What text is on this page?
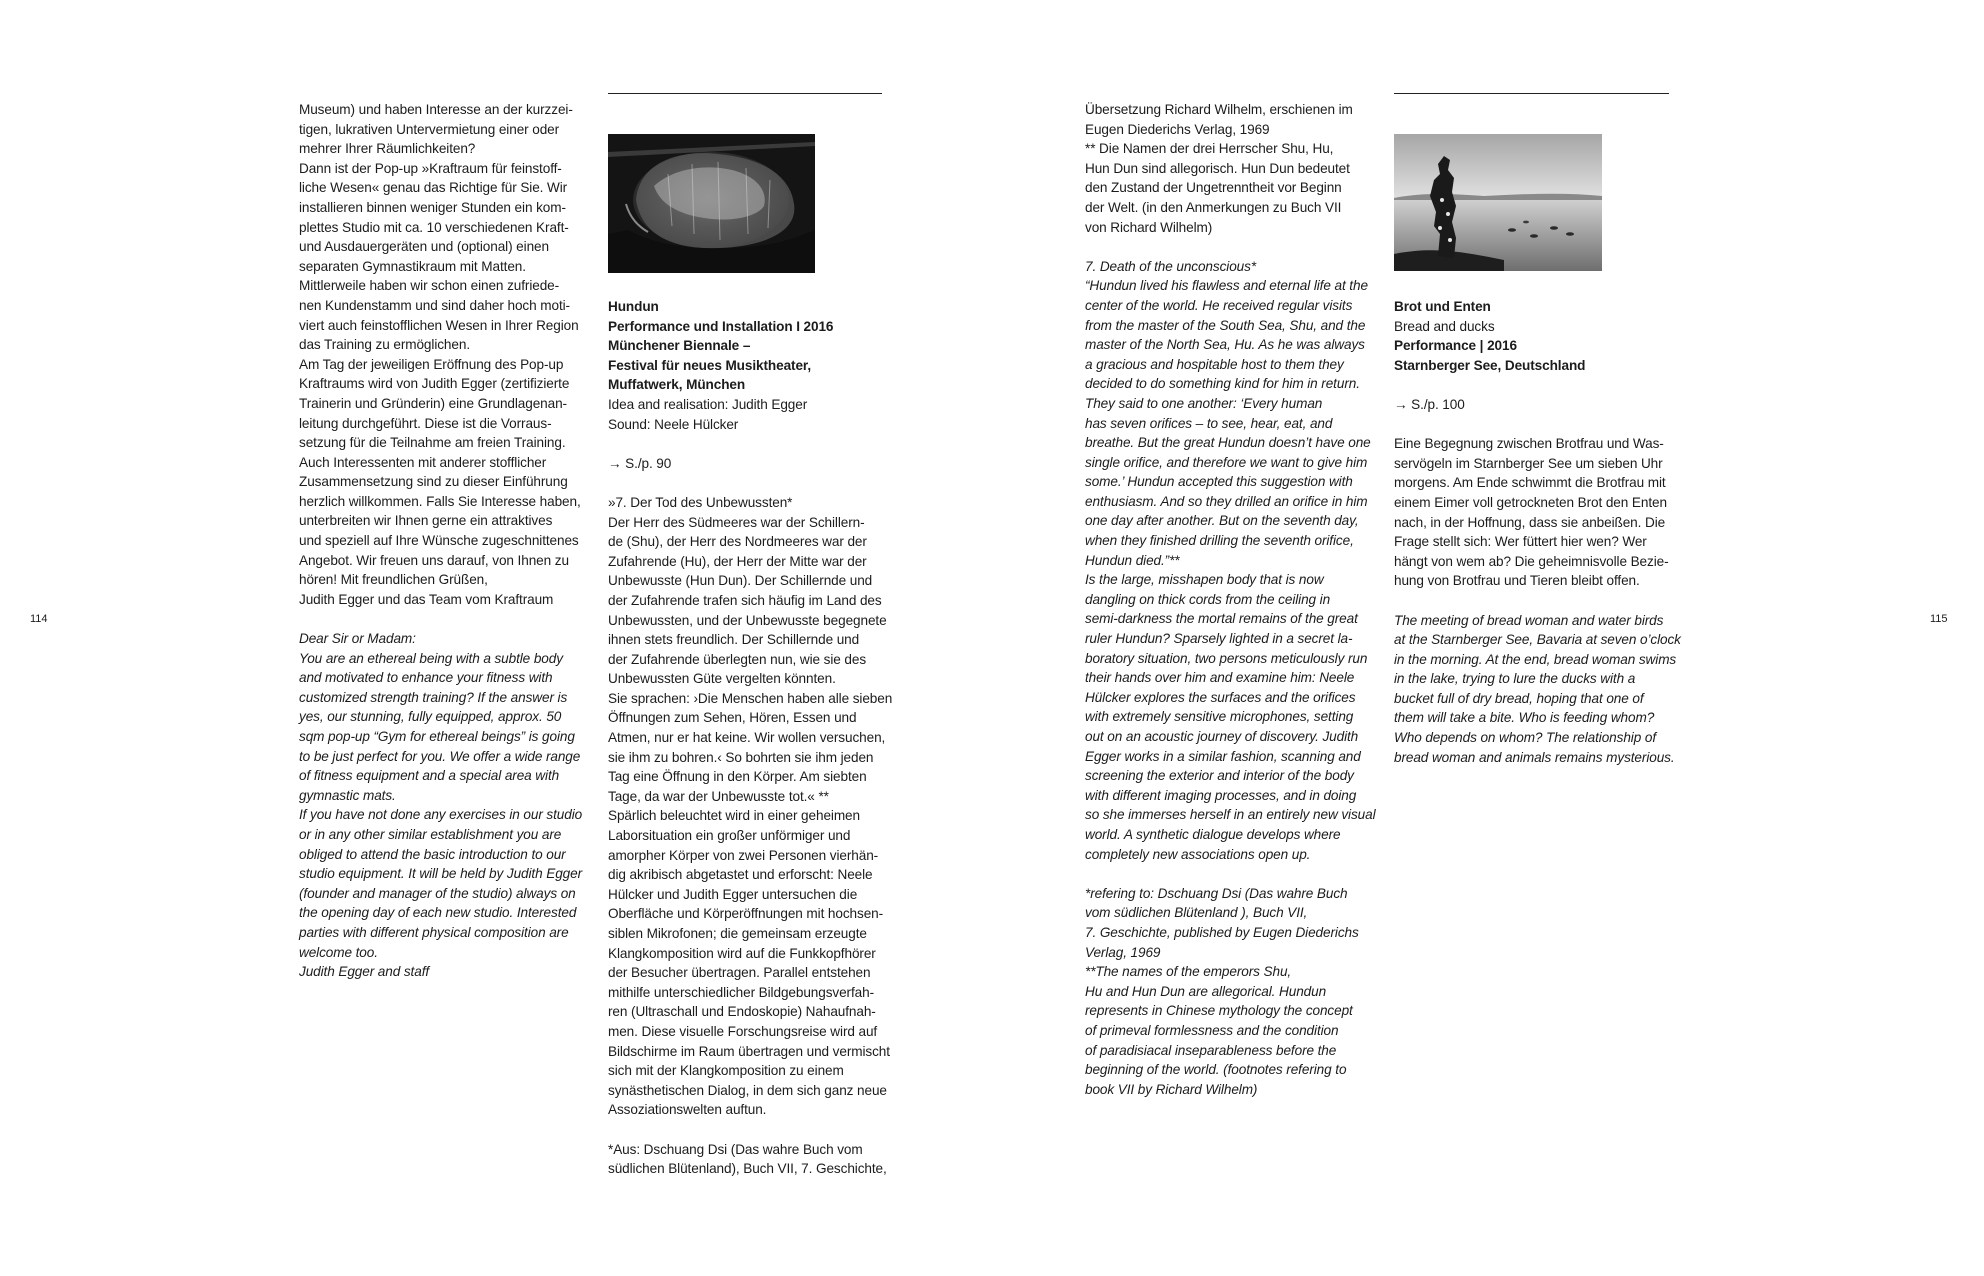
114	115
Museum) und haben Interesse an der kurzzei-
tigen, lukrativen Untervermietung einer oder
mehrer Ihrer Räumlichkeiten?
Dann ist der Pop-up »Kraftraum für feinstoff-
liche Wesen« genau das Richtige für Sie. Wir
installieren binnen weniger Stunden ein kom-
plettes Studio mit ca. 10 verschiedenen Kraft-
und Ausdauergeräten und (optional) einen
separaten Gymnastikraum mit Matten.
Mittlerweile haben wir schon einen zufriede-
nen Kundenstamm und sind daher hoch moti-
viert auch feinstofflichen Wesen in Ihrer Region
das Training zu ermöglichen.
Am Tag der jeweiligen Eröffnung des Pop-up
Kraftraums wird von Judith Egger (zertifizierte
Trainerin und Gründerin) eine Grundlagenan-
leitung durchgeführt. Diese ist die Vorraus-
setzung für die Teilnahme am freien Training.
Auch Interessenten mit anderer stofflicher
Zusammensetzung sind zu dieser Einführung
herzlich willkommen. Falls Sie Interesse haben,
unterbreiten wir Ihnen gerne ein attraktives
und speziell auf Ihre Wünsche zugeschnittenes
Angebot. Wir freuen uns darauf, von Ihnen zu
hören! Mit freundlichen Grüßen,
Judith Egger und das Team vom Kraftraum
Dear Sir or Madam:
You are an ethereal being with a subtle body
and motivated to enhance your fitness with
customized strength training? If the answer is
yes, our stunning, fully equipped, approx. 50
sqm pop-up “Gym for ethereal beings” is going
to be just perfect for you. We offer a wide range
of fitness equipment and a special area with
gymnastic mats.
If you have not done any exercises in our studio
or in any other similar establishment you are
obliged to attend the basic introduction to our
studio equipment. It will be held by Judith Egger
(founder and manager of the studio) always on
the opening day of each new studio. Interested
parties with different physical composition are
welcome too.
Judith Egger and staff
Hundun
Performance und Installation I 2016
Münchener Biennale –
Festival für neues Musiktheater,
Muffatwerk, München
Idea and realisation: Judith Egger
Sound: Neele Hülcker

→ S./p. 90

»7. Der Tod des Unbewussten*
Der Herr des Südmeeres war der Schillern-
de (Shu), der Herr des Nordmeeres war der
Zufahrende (Hu), der Herr der Mitte war der
Unbewusste (Hun Dun). Der Schillernde und
der Zufahrende trafen sich häufig im Land des
Unbewussten, und der Unbewusste begegnete
ihnen stets freundlich. Der Schillernde und
der Zufahrende überlegten nun, wie sie des
Unbewussten Güte vergelten könnten.
Sie sprachen: ›Die Menschen haben alle sieben
Öffnungen zum Sehen, Hören, Essen und
Atmen, nur er hat keine. Wir wollen versuchen,
sie ihm zu bohren.‹ So bohrten sie ihm jeden
Tag eine Öffnung in den Körper. Am siebten
Tage, da war der Unbewusste tot.« **
Spärlich beleuchtet wird in einer geheimen
Laborsituation ein großer unförmiger und
amorpher Körper von zwei Personen vierhän-
dig akribisch abgetastet und erforscht: Neele
Hülcker und Judith Egger untersuchen die
Oberfläche und Körperöffnungen mit hochsen-
siblen Mikrofonen; die gemeinsam erzeugte
Klangkomposition wird auf die Funkkopfhörer
der Besucher übertragen. Parallel entstehen
mithilfe unterschiedlicher Bildgebungsverfah-
ren (Ultraschall und Endoskopie) Nahaufnah-
men. Diese visuelle Forschungsreise wird auf
Bildschirme im Raum übertragen und vermischt
sich mit der Klangkomposition zu einem
synästhetischen Dialog, in dem sich ganz neue
Assoziationswelten auftun.
*Aus: Dschuang Dsi (Das wahre Buch vom
südlichen Blütenland), Buch VII, 7. Geschichte,
Übersetzung Richard Wilhelm, erschienen im
Eugen Diederichs Verlag, 1969
** Die Namen der drei Herrscher Shu, Hu,
Hun Dun sind allegorisch. Hun Dun bedeutet
den Zustand der Ungetrenntheit vor Beginn
der Welt. (in den Anmerkungen zu Buch VII
von Richard Wilhelm)
7. Death of the unconscious*
“Hundun lived his flawless and eternal life at the
center of the world. He received regular visits
from the master of the South Sea, Shu, and the
master of the North Sea, Hu. As he was always
a gracious and hospitable host to them they
decided to do something kind for him in return.
They said to one another: ‘Every human
has seven orifices – to see, hear, eat, and
breathe. But the great Hundun doesn’t have one
single orifice, and therefore we want to give him
some.’ Hundun accepted this suggestion with
enthusiasm. And so they drilled an orifice in him
one day after another. But on the seventh day,
when they finished drilling the seventh orifice,
Hundun died.”**
Is the large, misshapen body that is now
dangling on thick cords from the ceiling in
semi-darkness the mortal remains of the great
ruler Hundun? Sparsely lighted in a secret la-
boratory situation, two persons meticulously run
their hands over him and examine him: Neele
Hülcker explores the surfaces and the orifices
with extremely sensitive microphones, setting
out on an acoustic journey of discovery. Judith
Egger works in a similar fashion, scanning and
screening the exterior and interior of the body
with different imaging processes, and in doing
so she immerses herself in an entirely new visual
world. A synthetic dialogue develops where
completely new associations open up.
*refering to: Dschuang Dsi (Das wahre Buch
vom südlichen Blütenland ), Buch VII,
7. Geschichte, published by Eugen Diederichs
Verlag, 1969
**The names of the emperors Shu,
Hu and Hun Dun are allegorical. Hundun
represents in Chinese mythology the concept
of primeval formlessness and the condition
of paradisiacal inseparableness before the
beginning of the world. (footnotes refering to
book VII by Richard Wilhelm)

Brot und Enten

Bread and ducks

Performance | 2016
Starnberger See, Deutschland

→ S./p. 100

Eine Begegnung zwischen Brotfrau und Was-
servögeln im Starnberger See um sieben Uhr
morgens. Am Ende schwimmt die Brotfrau mit
einem Eimer voll getrockneten Brot den Enten
nach, in der Hoffnung, dass sie anbeißen. Die
Frage stellt sich: Wer füttert hier wen? Wer
hängt von wem ab? Die geheimnisvolle Bezie-
hung von Brotfrau und Tieren bleibt offen.
The meeting of bread woman and water birds
at the Starnberger See, Bavaria at seven o’clock
in the morning. At the end, bread woman swims
in the lake, trying to lure the ducks with a
bucket full of dry bread, hoping that one of
them will take a bite. Who is feeding whom?
Who depends on whom? The relationship of
bread woman and animals remains mysterious.
